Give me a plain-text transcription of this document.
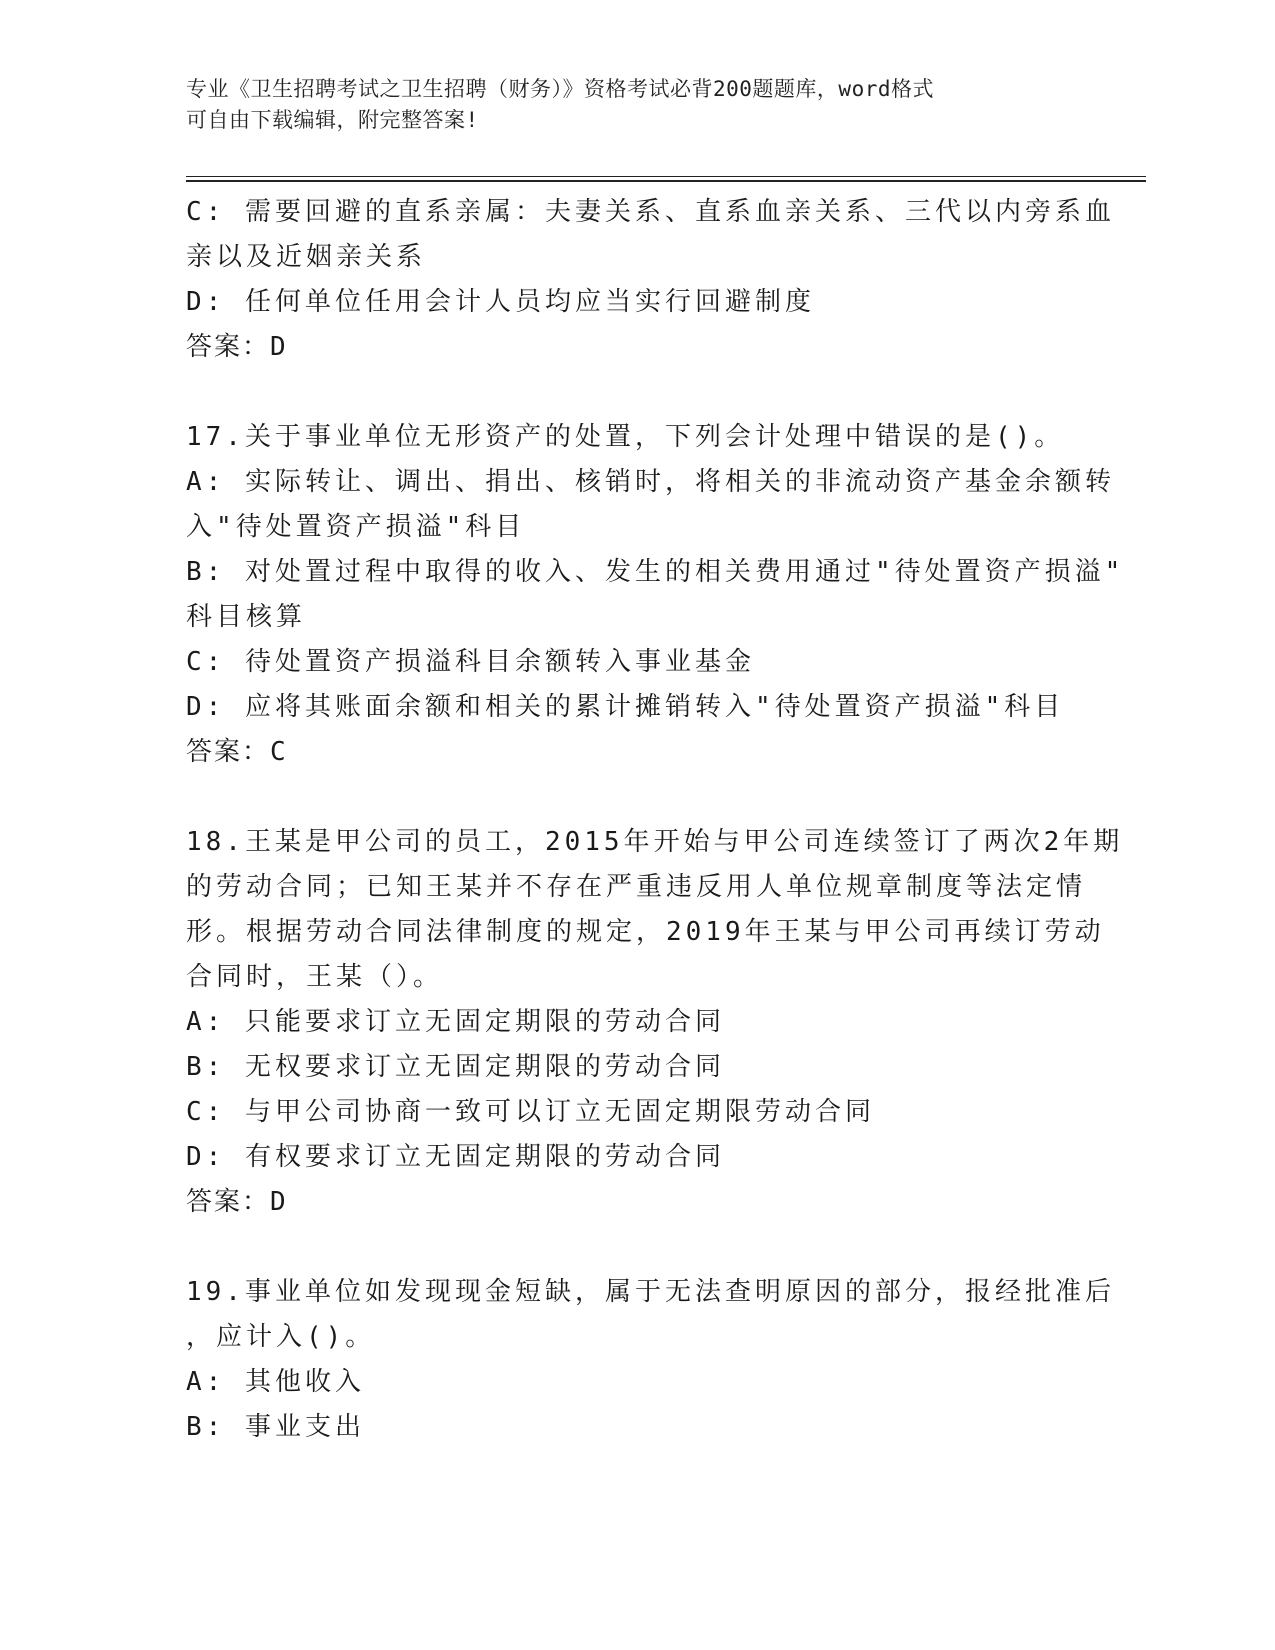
专业《卫生招聘考试之卫生招聘（财务）》资格考试必背200题题库，word格式
可自由下载编辑，附完整答案!
C: 需要回避的直系亲属：夫妻关系、直系血亲关系、三代以内旁系血
亲以及近姻亲关系
D: 任何单位任用会计人员均应当实行回避制度
答案：D
17.关于事业单位无形资产的处置，下列会计处理中错误的是()。
A: 实际转让、调出、捐出、核销时，将相关的非流动资产基金余额转
入"待处置资产损溢"科目
B: 对处置过程中取得的收入、发生的相关费用通过"待处置资产损溢"
科目核算
C: 待处置资产损溢科目余额转入事业基金
D: 应将其账面余额和相关的累计摊销转入"待处置资产损溢"科目
答案：C
18.王某是甲公司的员工，2015年开始与甲公司连续签订了两次2年期
的劳动合同；已知王某并不存在严重违反用人单位规章制度等法定情
形。根据劳动合同法律制度的规定，2019年王某与甲公司再续订劳动
合同时，王某（）。
A: 只能要求订立无固定期限的劳动合同
B: 无权要求订立无固定期限的劳动合同
C: 与甲公司协商一致可以订立无固定期限劳动合同
D: 有权要求订立无固定期限的劳动合同
答案：D
19.事业单位如发现现金短缺，属于无法查明原因的部分，报经批准后
，应计入()。
A: 其他收入
B: 事业支出
